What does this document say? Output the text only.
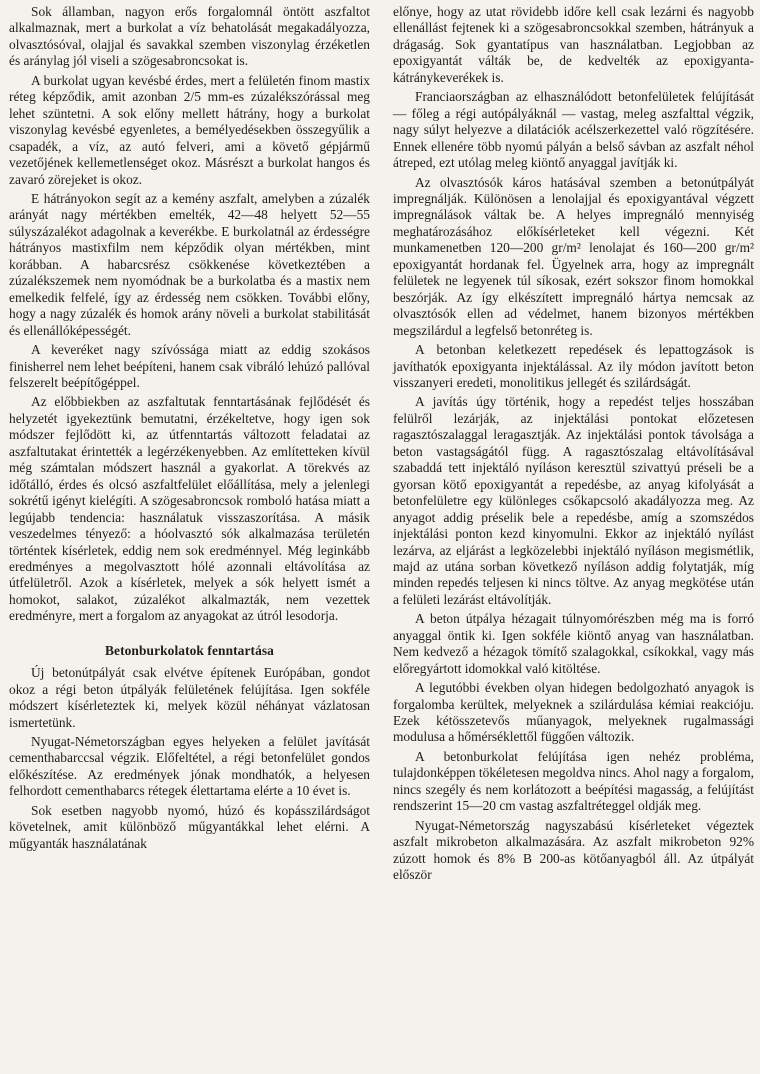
Sok államban, nagyon erős forgalomnál öntött aszfaltot alkalmaznak, mert a burkolat a víz behatolását megakadályozza, olvasztósóval, olajjal és savakkal szemben viszonylag érzéketlen és aránylag jól viseli a szögesabroncsokat is.

A burkolat ugyan kevésbé érdes, mert a felületén finom mastix réteg képződik, amit azonban 2/5 mm-es zúzalékszórással meg lehet szüntetni. A sok előny mellett hátrány, hogy a burkolat viszonylag kevésbé egyenletes, a bemélyedésekben összegyűlik a csapadék, a víz, az autó felveri, ami a követő gépjármű vezetőjének kellemetlenséget okoz. Másrészt a burkolat hangos és zavaró zörejeket is okoz.

E hátrányokon segít az a kemény aszfalt, amelyben a zúzalék arányát nagy mértékben emelték, 42—48 helyett 52—55 súlyszázalékot adagolnak a keverékbe. E burkolatnál az érdességre hátrányos mastixfilm nem képződik olyan mértékben, mint korábban. A habarcsrész csökkenése következtében a zúzalékszemek nem nyomódnak be a burkolatba és a mastix nem emelkedik felfelé, így az érdesség nem csökken. További előny, hogy a nagy zúzalék és homok arány növeli a burkolat stabilitását és ellenállóképességét.

A keveréket nagy szívóssága miatt az eddig szokásos finisherrel nem lehet beépíteni, hanem csak vibráló lehúzó pallóval felszerelt beépítőgéppel.

Az előbbiekben az aszfaltutak fenntartásának fejlődését és helyzetét igyekeztünk bemutatni, érzékeltetve, hogy igen sok módszer fejlődött ki, az útfenntartás változott feladatai az aszfaltutakat érintették a legérzékenyebben. Az említetteken kívül még számtalan módszert használ a gyakorlat. A törekvés az időtálló, érdes és olcsó aszfaltfelület előállítása, mely a jelenlegi sokrétű igényt kielégíti. A szögesabroncsok romboló hatása miatt a legújabb tendencia: használatuk visszaszorítása. A másik veszedelmes tényező: a hóolvasztó sók alkalmazása területén történtek kísérletek, eddig nem sok eredménnyel. Még leginkább eredményes a megolvasztott hólé azonnali eltávolítása az útfelületről. Azok a kísérletek, melyek a sók helyett ismét a homokot, salakot, zúzalékot alkalmazták, nem vezettek eredményre, mert a forgalom az anyagokat az útról lesodorja.

Betonburkolatok fenntartása

Új betonútpályát csak elvétve építenek Európában, gondot okoz a régi beton útpályák felületének felújítása. Igen sokféle módszert kísérleteztek ki, melyek közül néhányat vázlatosan ismertetünk.

Nyugat-Németországban egyes helyeken a felület javítását cementhabarccsal végzik. Előfeltétel, a régi betonfelület gondos előkészítése. Az eredmények jónak mondhatók, a helyesen felhordott cementhabarcs rétegek élettartama elérte a 10 évet is.

Sok esetben nagyobb nyomó, húzó és kopásszilárdságot követelnek, amit különböző műgyantákkal lehet elérni. A műgyanták használatának

előnye, hogy az utat rövidebb időre kell csak lezárni és nagyobb ellenállást fejtenek ki a szögesabroncsokkal szemben, hátrányuk a drágaság. Sok gyantatípus van használatban. Legjobban az epoxigyantát válták be, de kedvelték az epoxigyanta-kátránykeverékek is.

Franciaországban az elhasználódott betonfelületek felújítását — főleg a régi autópályáknál — vastag, meleg aszfalttal végzik, nagy súlyt helyezve a dilatációk acélszerkezettel való rögzítésére. Ennek ellenére több nyomú pályán a belső sávban az aszfalt néhol átreped, ezt utólag meleg kiöntő anyaggal javítják ki.

Az olvasztósók káros hatásával szemben a betonútpályát impregnálják. Különösen a lenolajjal és epoxigyantával végzett impregnálások váltak be. A helyes impregnáló mennyiség meghatározásához előkísérleteket kell végezni. Két munkamenetben 120—200 gr/m² lenolajat és 160—200 gr/m² epoxigyantát hordanak fel. Ügyelnek arra, hogy az impregnált felületek ne legyenek túl síkosak, ezért sokszor finom homokkal beszórják. Az így elkészített impregnáló hártya nemcsak az olvasztósók ellen ad védelmet, hanem bizonyos mértékben megszilárdul a legfelső betonréteg is.

A betonban keletkezett repedések és lepattogzások is javíthatók epoxigyanta injektálással. Az ily módon javított beton visszanyeri eredeti, monolitikus jellegét és szilárdságát.

A javítás úgy történik, hogy a repedést teljes hosszában felülről lezárják, az injektálási pontokat előzetesen ragasztószalaggal leragasztják. Az injektálási pontok távolsága a beton vastagságától függ. A ragasztószalag eltávolításával szabaddá tett injektáló nyíláson keresztül szivattyú préseli be a gyorsan kötő epoxigyantát a repedésbe, az anyag kifolyását a betonfelületre egy különleges csőkapcsoló akadályozza meg. Az anyagot addig préselik bele a repedésbe, amíg a szomszédos injektálási ponton kezd kinyomulni. Ekkor az injektáló nyílást lezárva, az eljárást a legközelebbi injektáló nyíláson megismétlik, majd az utána sorban következő nyíláson addig folytatják, míg minden repedés teljesen ki nincs töltve. Az anyag megkötése után a felületi lezárást eltávolítják.

A beton útpálya hézagait túlnyomórészben még ma is forró anyaggal öntik ki. Igen sokféle kiöntő anyag van használatban. Nem kedvező a hézagok tömítő szalagokkal, csíkokkal, vagy más előregyártott idomokkal való kitöltése.

A legutóbbi években olyan hidegen bedolgozható anyagok is forgalomba kerültek, melyeknek a szilárdulása kémiai reakcióju. Ezek kétösszetevős műanyagok, melyeknek rugalmassági modulusa a hőmérséklettől függően változik.

A betonburkolat felújítása igen nehéz probléma, tulajdonképpen tökéletesen megoldva nincs. Ahol nagy a forgalom, nincs szegély és nem korlátozott a beépítési magasság, a felújítást rendszerint 15—20 cm vastag aszfaltréteggel oldják meg.

Nyugat-Németország nagyszabású kísérleteket végeztek aszfalt mikrobeton alkalmazására. Az aszfalt mikrobeton 92% zúzott homok és 8% B 200-as kötőanyagból áll. Az útpályát először
